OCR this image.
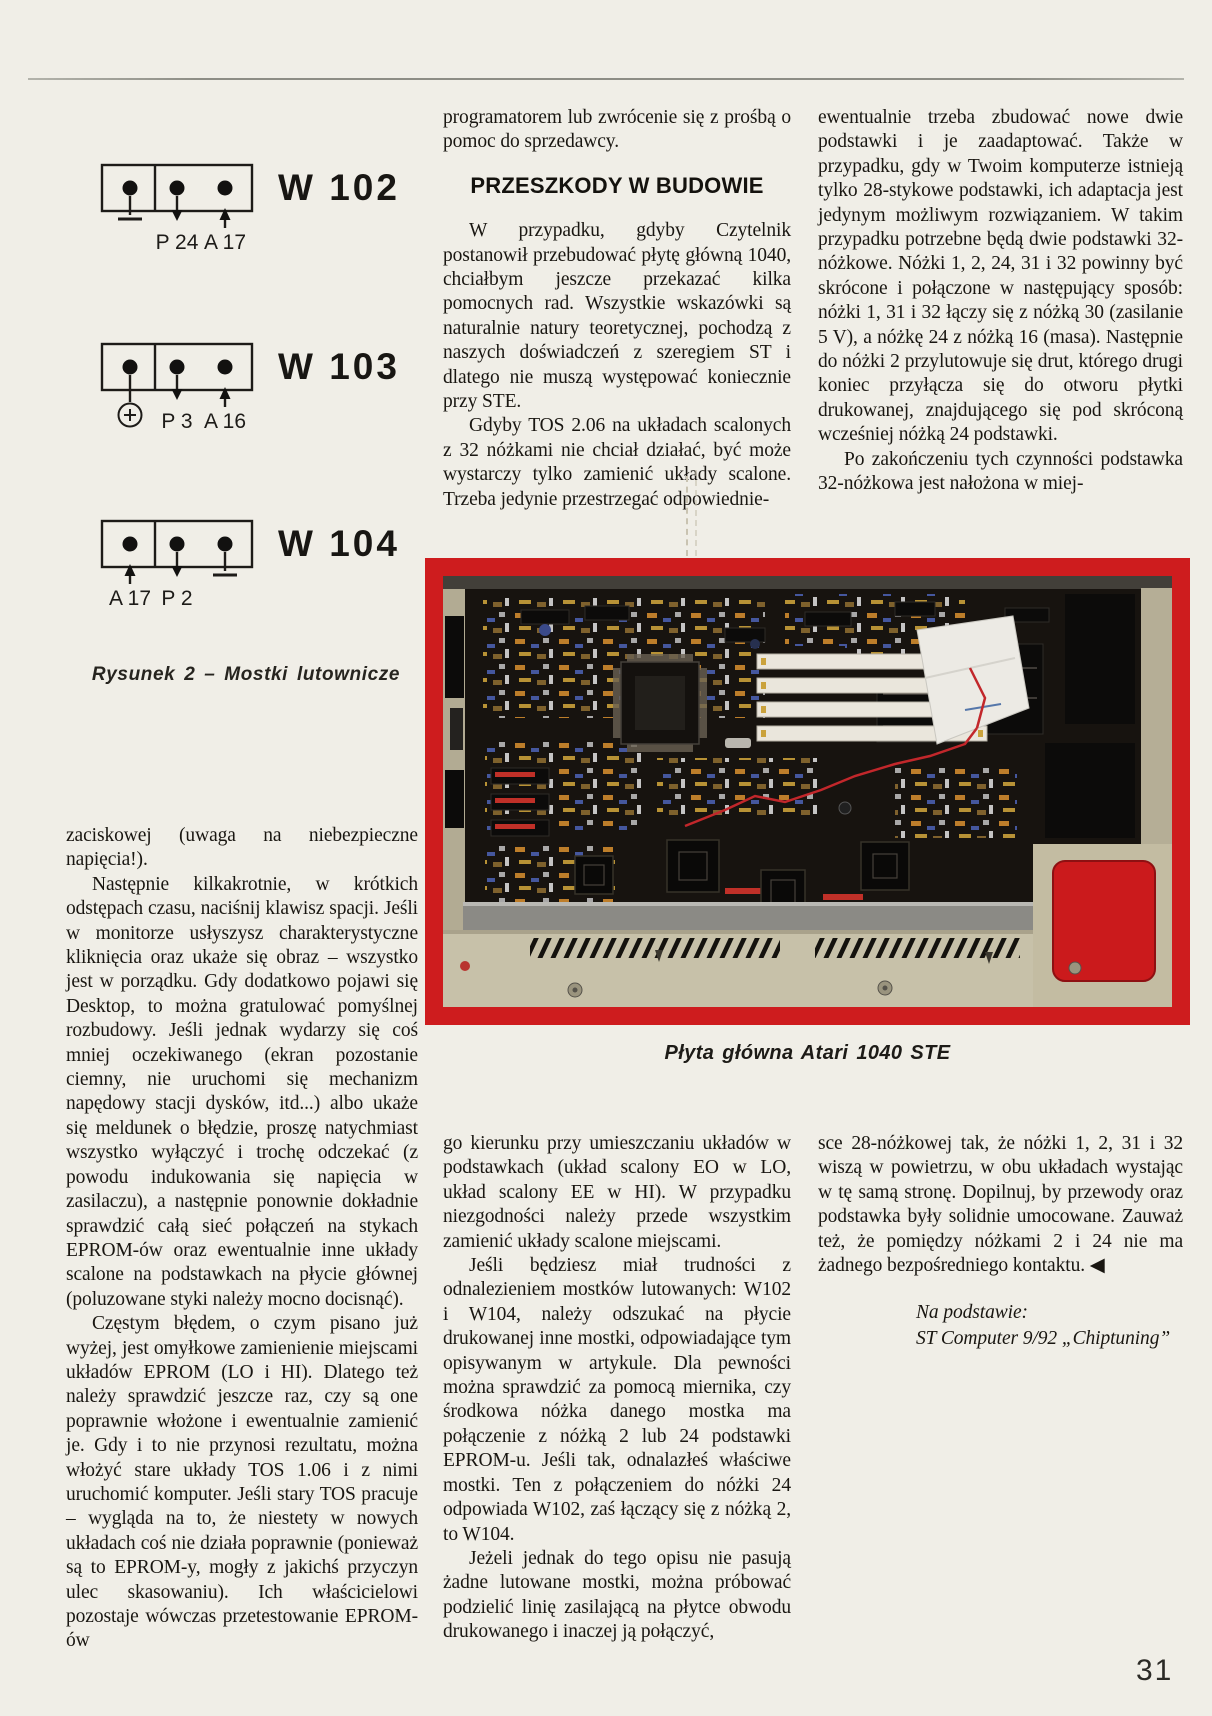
P 24 A 17
W 102
P 3 A 16
W 103
A 17 P 2
W 104
Rysunek 2 – Mostki lutownicze

programatorem lub zwrócenie się z prośbą o pomoc do sprzedawcy.

PRZESZKODY W BUDOWIE

W przypadku, gdyby Czytelnik postanowił przebudować płytę główną 1040, chciałbym jeszcze przekazać kilka pomocnych rad. Wszystkie wskazówki są naturalnie natury teoretycznej, pochodzą z naszych doświadczeń z szeregiem ST i dlatego nie muszą występować koniecznie przy STE.

Gdyby TOS 2.06 na układach scalonych z 32 nóżkami nie chciał działać, być może wystarczy tylko zamienić układy scalone. Trzeba jedynie przestrzegać odpowiednie-

ewentualnie trzeba zbudować nowe dwie podstawki i je zaadaptować. Także w przypadku, gdy w Twoim komputerze istnieją tylko 28-stykowe podstawki, ich adaptacja jest jedynym możliwym rozwiązaniem. W takim przypadku potrzebne będą dwie podstawki 32-nóżkowe. Nóżki 1, 2, 24, 31 i 32 powinny być skrócone i połączone w następujący sposób: nóżki 1, 31 i 32 łączy się z nóżką 30 (zasilanie 5 V), a nóżkę 24 z nóżką 16 (masa). Następnie do nóżki 2 przylutowuje się drut, którego drugi koniec przyłącza się do otworu płytki drukowanej, znajdującego się pod skróconą wcześniej nóżką 24 podstawki.

Po zakończeniu tych czynności podstawka 32-nóżkowa jest nałożona w miej-

Płyta główna Atari 1040 STE

zaciskowej (uwaga na niebezpieczne napięcia!).

Następnie kilkakrotnie, w krótkich odstępach czasu, naciśnij klawisz spacji. Jeśli w monitorze usłyszysz charakterystyczne kliknięcia oraz ukaże się obraz – wszystko jest w porządku. Gdy dodatkowo pojawi się Desktop, to można gratulować pomyślnej rozbudowy. Jeśli jednak wydarzy się coś mniej oczekiwanego (ekran pozostanie ciemny, nie uruchomi się mechanizm napędowy stacji dysków, itd...) albo ukaże się meldunek o błędzie, proszę natychmiast wszystko wyłączyć i trochę odczekać (z powodu indukowania się napięcia w zasilaczu), a następnie ponownie dokładnie sprawdzić całą sieć połączeń na stykach EPROM-ów oraz ewentualnie inne układy scalone na podstawkach na płycie głównej (poluzowane styki należy mocno docisnąć).

Częstym błędem, o czym pisano już wyżej, jest omyłkowe zamienienie miejscami układów EPROM (LO i HI). Dlatego też należy sprawdzić jeszcze raz, czy są one poprawnie włożone i ewentualnie zamienić je. Gdy i to nie przynosi rezultatu, można włożyć stare układy TOS 1.06 i z nimi uruchomić komputer. Jeśli stary TOS pracuje – wygląda na to, że niestety w nowych układach coś nie działa poprawnie (ponieważ są to EPROM-y, mogły z jakichś przyczyn ulec skasowaniu). Ich właścicielowi pozostaje wówczas przetestowanie EPROM-ów

go kierunku przy umieszczaniu układów w podstawkach (układ scalony EO w LO, układ scalony EE w HI). W przypadku niezgodności należy przede wszystkim zamienić układy scalone miejscami.

Jeśli będziesz miał trudności z odnalezieniem mostków lutowanych: W102 i W104, należy odszukać na płycie drukowanej inne mostki, odpowiadające tym opisywanym w artykule. Dla pewności można sprawdzić za pomocą miernika, czy środkowa nóżka danego mostka ma połączenie z nóżką 2 lub 24 podstawki EPROM-u. Jeśli tak, odnalazłeś właściwe mostki. Ten z połączeniem do nóżki 24 odpowiada W102, zaś łączący się z nóżką 2, to W104.

Jeżeli jednak do tego opisu nie pasują żadne lutowane mostki, można próbować podzielić linię zasilającą na płytce obwodu drukowanego i inaczej ją połączyć,

sce 28-nóżkowej tak, że nóżki 1, 2, 31 i 32 wiszą w powietrzu, w obu układach wystając w tę samą stronę. Dopilnuj, by przewody oraz podstawka były solidnie umocowane. Zauważ też, że pomiędzy nóżkami 2 i 24 nie ma żadnego bezpośredniego kontaktu. ◀

Na podstawie:
ST Computer 9/92 „Chiptuning”
31
